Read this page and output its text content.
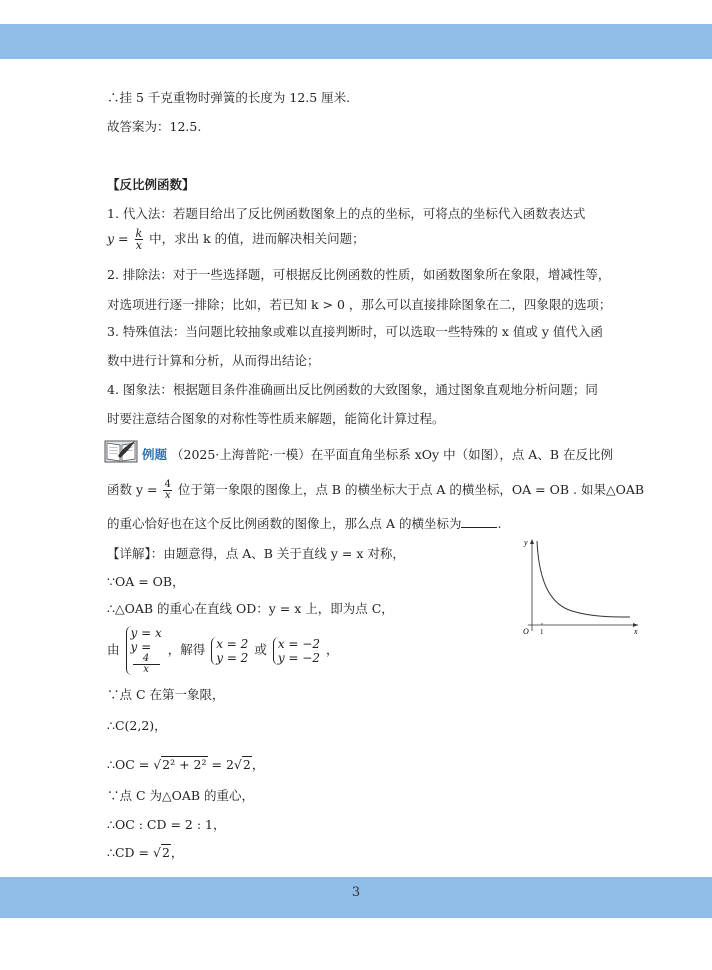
∴挂 5 千克重物时弹簧的长度为 12.5 厘米.
故答案为：12.5.
【反比例函数】
1. 代入法：若题目给出了反比例函数图象上的点的坐标，可将点的坐标代入函数表达式
$y = \frac{k}{x}$ 中，求出 k 的值，进而解决相关问题；
2. 排除法：对于一些选择题，可根据反比例函数的性质，如函数图象所在象限，增减性等，
对选项进行逐一排除；比如，若已知 k > 0 ，那么可以直接排除图象在二，四象限的选项；
3. 特殊值法：当问题比较抽象或难以直接判断时，可以选取一些特殊的 x 值或 y 值代入函
数中进行计算和分析，从而得出结论；
4. 图象法：根据题目条件准确画出反比例函数的大致图象，通过图象直观地分析问题；同
时要注意结合图象的对称性等性质来解题，能简化计算过程。
例题 （2025·上海普陀·一模）在平面直角坐标系 xOy 中（如图），点 A、B 在反比例
函数 $y = \frac{4}{x}$ 位于第一象限的图像上，点 B 的横坐标大于点 A 的横坐标，OA = OB . 如果△OAB
的重心恰好也在这个反比例函数的图像上，那么点 A 的横坐标为	.
y
x
O 1
【详解】：由题意得，点 A、B 关于直线 y = x 对称，
∵OA = OB，
∴△OAB 的重心在直线 OD：y = x 上，即为点 C，
由
y = x
y =
4
x
，解得 x = 2
y = 2
或 x = −2
y = −2
，
∵点 C 在第一象限，
∴C(2,2)，
∴OC = √2² + 2² = 2√2，
∵点 C 为△OAB 的重心，
∴OC : CD = 2 : 1，
∴CD = √2，
3
